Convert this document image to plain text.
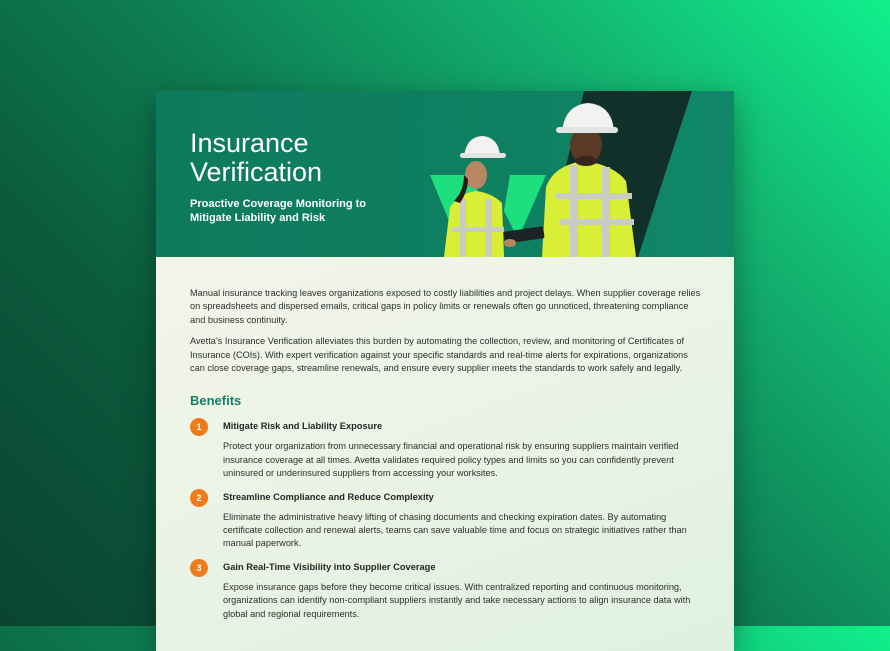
Insurance Verification
Proactive Coverage Monitoring to Mitigate Liability and Risk

Manual insurance tracking leaves organizations exposed to costly liabilities and project delays. When supplier coverage relies on spreadsheets and dispersed emails, critical gaps in policy limits or renewals often go unnoticed, threatening compliance and business continuity.

Avetta’s Insurance Verification alleviates this burden by automating the collection, review, and monitoring of Certificates of Insurance (COIs). With expert verification against your specific standards and real-time alerts for expirations, organizations can close coverage gaps, streamline renewals, and ensure every supplier meets the standards to work safely and legally.

Benefits
1	Mitigate Risk and Liability Exposure

Protect your organization from unnecessary financial and operational risk by ensuring suppliers maintain verified insurance coverage at all times. Avetta validates required policy types and limits so you can confidently prevent uninsured or underinsured suppliers from accessing your worksites.

2	Streamline Compliance and Reduce Complexity

Eliminate the administrative heavy lifting of chasing documents and checking expiration dates. By automating certificate collection and renewal alerts, teams can save valuable time and focus on strategic initiatives rather than manual paperwork.

3	Gain Real-Time Visibility into Supplier Coverage

Expose insurance gaps before they become critical issues. With centralized reporting and continuous monitoring, organizations can identify non-compliant suppliers instantly and take necessary actions to align insurance data with global and regional requirements.
